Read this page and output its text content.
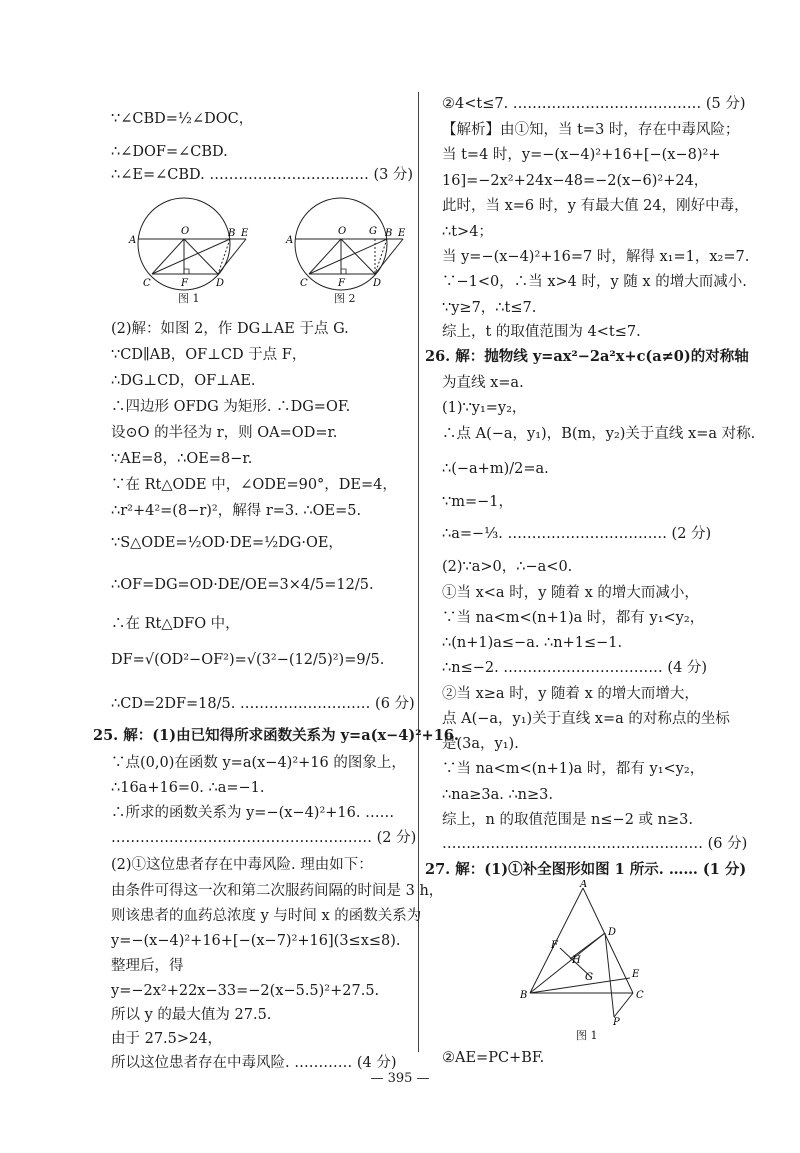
∵∠CBD=½∠DOC，
∴∠DOF=∠CBD.
∴∠E=∠CBD. …………………………… (3 分)
A
O	B E
C	F	D
图 1
A
O G B E
C	F	D
图 2
(2)解：如图 2，作 DG⊥AE 于点 G.
∵CD∥AB，OF⊥CD 于点 F，
∴DG⊥CD，OF⊥AE.
∴四边形 OFDG 为矩形. ∴DG=OF.
设⊙O 的半径为 r，则 OA=OD=r.
∵AE=8，∴OE=8−r.
∵在 Rt△ODE 中，∠ODE=90°，DE=4，
∴r²+4²=(8−r)²，解得 r=3. ∴OE=5.
∵S△ODE=½OD·DE=½DG·OE，
∴OF=DG=OD·DE/OE=3×4/5=12/5.
∴在 Rt△DFO 中，
DF=√(OD²−OF²)=√(3²−(12/5)²)=9/5.
∴CD=2DF=18/5. ……………………… (6 分)
25. 解：(1)由已知得所求函数关系为 y=a(x−4)²+16.
∵点(0,0)在函数 y=a(x−4)²+16 的图象上，
∴16a+16=0. ∴a=−1.
∴所求的函数关系为 y=−(x−4)²+16. ……
……………………………………………… (2 分)
(2)①这位患者存在中毒风险. 理由如下：
由条件可得这一次和第二次服药间隔的时间是 3 h，
则该患者的血药总浓度 y 与时间 x 的函数关系为
y=−(x−4)²+16+[−(x−7)²+16](3≤x≤8).
整理后，得
y=−2x²+22x−33=−2(x−5.5)²+27.5.
所以 y 的最大值为 27.5.
由于 27.5>24，
所以这位患者存在中毒风险. ………… (4 分)
②4<t≤7. ………………………………… (5 分)
【解析】由①知，当 t=3 时，存在中毒风险；
当 t=4 时，y=−(x−4)²+16+[−(x−8)²+
16]=−2x²+24x−48=−2(x−6)²+24，
此时，当 x=6 时，y 有最大值 24，刚好中毒，
∴t>4；
当 y=−(x−4)²+16=7 时，解得 x₁=1，x₂=7.
∵−1<0，∴当 x>4 时，y 随 x 的增大而减小.
∵y≥7，∴t≤7.
综上，t 的取值范围为 4<t≤7.
26. 解：抛物线 y=ax²−2a²x+c(a≠0)的对称轴
为直线 x=a.
(1)∵y₁=y₂，
∴点 A(−a，y₁)，B(m，y₂)关于直线 x=a 对称.
∴(−a+m)/2=a.
∵m=−1，
∴a=−⅓. …………………………… (2 分)
(2)∵a>0，∴−a<0.
①当 x<a 时，y 随着 x 的增大而减小，
∵当 na<m<(n+1)a 时，都有 y₁<y₂，
∴(n+1)a≤−a. ∴n+1≤−1.
∴n≤−2. …………………………… (4 分)
②当 x≥a 时，y 随着 x 的增大而增大，
点 A(−a，y₁)关于直线 x=a 的对称点的坐标
是(3a，y₁).
∵当 na<m<(n+1)a 时，都有 y₁<y₂，
∴na≥3a. ∴n≥3.
综上，n 的取值范围是 n≤−2 或 n≥3.
……………………………………………… (6 分)
27. 解：(1)①补全图形如图 1 所示. …… (1 分)
A
D
F
H
G	E
B	C
P
图 1
②AE=PC+BF.
— 395 —
